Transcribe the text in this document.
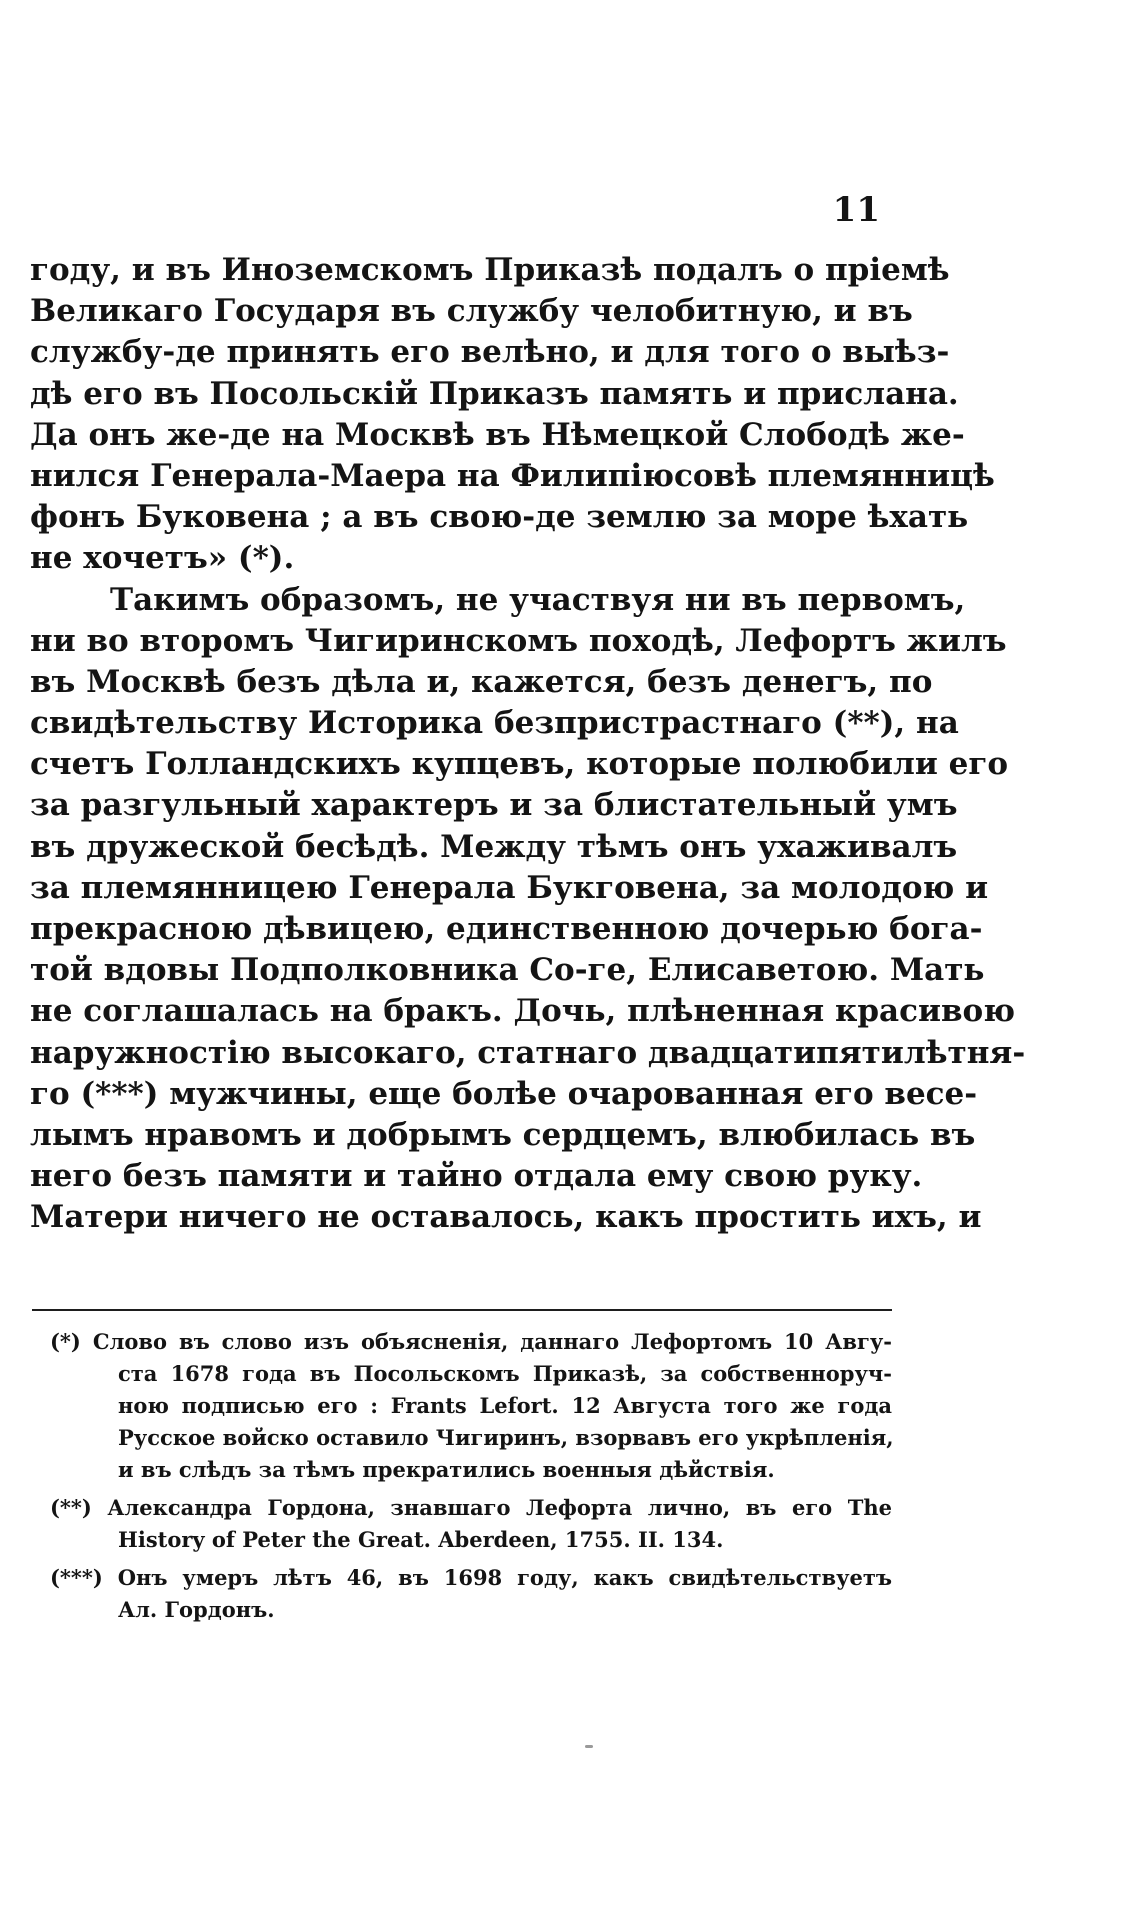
11
году, и въ Иноземскомъ Приказѣ подалъ о пріемѣ
Великаго Государя въ службу челобитную, и въ
службу-де принять его велѣно, и для того о выѣз-
дѣ его въ Посольскій Приказъ память и прислана.
Да онъ же-де на Москвѣ въ Нѣмецкой Слободѣ же-
нился Генерала-Маера на Филипіюсовѣ племянницѣ
фонъ Буковена ; а въ свою-де землю за море ѣхать
не хочетъ» (*).
Такимъ образомъ, не участвуя ни въ первомъ,
ни во второмъ Чигиринскомъ походѣ, Лефортъ жилъ
въ Москвѣ безъ дѣла и, кажется, безъ денегъ, по
свидѣтельству Историка безпристрастнаго (**), на
счетъ Голландскихъ купцевъ, которые полюбили его
за разгульный характеръ и за блистательный умъ
въ дружеской бесѣдѣ. Между тѣмъ онъ ухаживалъ
за племянницею Генерала Букговена, за молодою и
прекрасною дѣвицею, единственною дочерью бога-
той вдовы Подполковника Со-ге, Елисаветою. Мать
не соглашалась на бракъ. Дочь, плѣненная красивою
наружностію высокаго, статнаго двадцатипятилѣтня-
го (***) мужчины, еще болѣе очарованная его весе-
лымъ нравомъ и добрымъ сердцемъ, влюбилась въ
него безъ памяти и тайно отдала ему свою руку.
Матери ничего не оставалось, какъ простить ихъ, и
(*) Слово въ слово изъ объясненія, даннаго Лефортомъ 10 Авгу-
ста 1678 года въ Посольскомъ Приказѣ, за собственноруч-
ною подписью его : Frants Lefort. 12 Августа того же года
Русское войско оставило Чигиринъ, взорвавъ его укрѣпленія,
и въ слѣдъ за тѣмъ прекратились военныя дѣйствія.
(**) Александра Гордона, знавшаго Лефорта лично, въ его The
History of Peter the Great. Aberdeen, 1755. II. 134.
(***) Онъ умеръ лѣтъ 46, въ 1698 году, какъ свидѣтельствуетъ
Ал. Гордонъ.
